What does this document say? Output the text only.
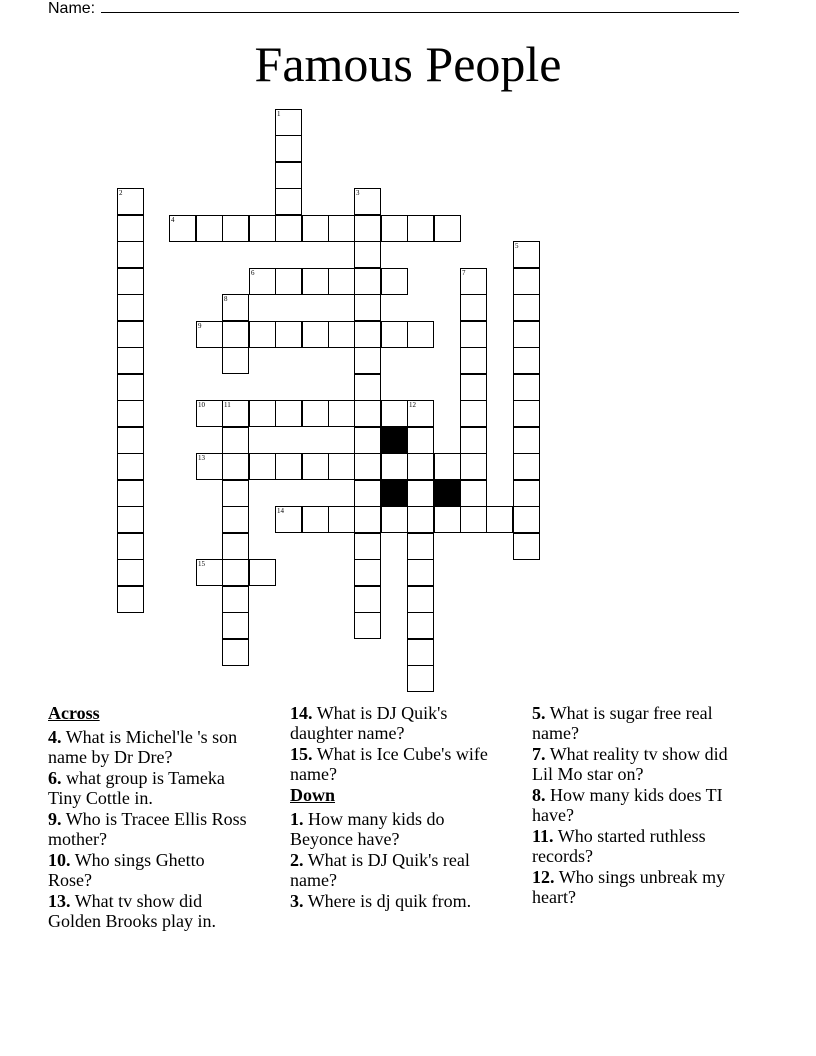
Name:
Famous People
1
2	3
4
5
6	7
8
9
10	11	12
13
14
15
Across
4. What is Michel'le 's son name by Dr Dre?
6. what group is Tameka Tiny Cottle in.
9. Who is Tracee Ellis Ross mother?
10. Who sings Ghetto Rose?
13. What tv show did Golden Brooks play in.
14. What is DJ Quik's daughter name?
15. What is Ice Cube's wife name?
Down
1. How many kids do Beyonce have?
2. What is DJ Quik's real name?
3. Where is dj quik from.
5. What is sugar free real name?
7. What reality tv show did Lil Mo star on?
8. How many kids does TI have?
11. Who started ruthless records?
12. Who sings unbreak my heart?
